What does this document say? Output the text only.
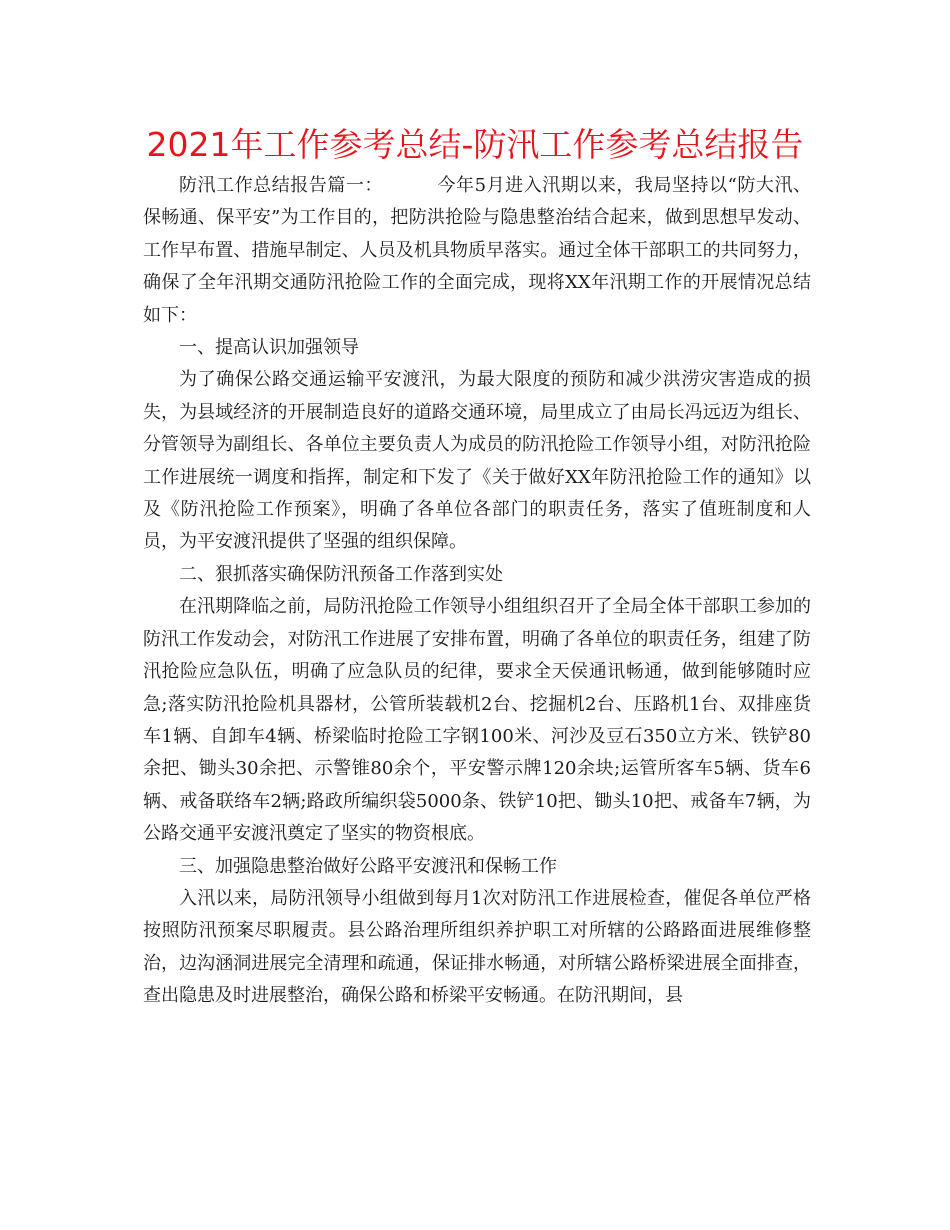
2021年工作参考总结-防汛工作参考总结报告

防汛工作总结报告篇一：	今年5月进入汛期以来，我局坚持以“防大汛、保畅通、保平安”为工作目的，把防洪抢险与隐患整治结合起来，做到思想早发动、工作早布置、措施早制定、人员及机具物质早落实。通过全体干部职工的共同努力，确保了全年汛期交通防汛抢险工作的全面完成，现将XX年汛期工作的开展情况总结如下：

一、提高认识加强领导

为了确保公路交通运输平安渡汛，为最大限度的预防和减少洪涝灾害造成的损失，为县域经济的开展制造良好的道路交通环境，局里成立了由局长冯远迈为组长、分管领导为副组长、各单位主要负责人为成员的防汛抢险工作领导小组，对防汛抢险工作进展统一调度和指挥，制定和下发了《关于做好XX年防汛抢险工作的通知》以及《防汛抢险工作预案》，明确了各单位各部门的职责任务，落实了值班制度和人员，为平安渡汛提供了坚强的组织保障。

二、狠抓落实确保防汛预备工作落到实处

在汛期降临之前，局防汛抢险工作领导小组组织召开了全局全体干部职工参加的防汛工作发动会，对防汛工作进展了安排布置，明确了各单位的职责任务，组建了防汛抢险应急队伍，明确了应急队员的纪律，要求全天侯通讯畅通，做到能够随时应急;落实防汛抢险机具器材，公管所装载机2台、挖掘机2台、压路机1台、双排座货车1辆、自卸车4辆、桥梁临时抢险工字钢100米、河沙及豆石350立方米、铁铲80余把、锄头30余把、示警锥80余个，平安警示牌120余块;运管所客车5辆、货车6辆、戒备联络车2辆;路政所编织袋5000条、铁铲10把、锄头10把、戒备车7辆，为公路交通平安渡汛奠定了坚实的物资根底。

三、加强隐患整治做好公路平安渡汛和保畅工作

入汛以来，局防汛领导小组做到每月1次对防汛工作进展检查，催促各单位严格按照防汛预案尽职履责。县公路治理所组织养护职工对所辖的公路路面进展维修整治，边沟涵洞进展完全清理和疏通，保证排水畅通，对所辖公路桥梁进展全面排查，查出隐患及时进展整治，确保公路和桥梁平安畅通。在防汛期间，县
